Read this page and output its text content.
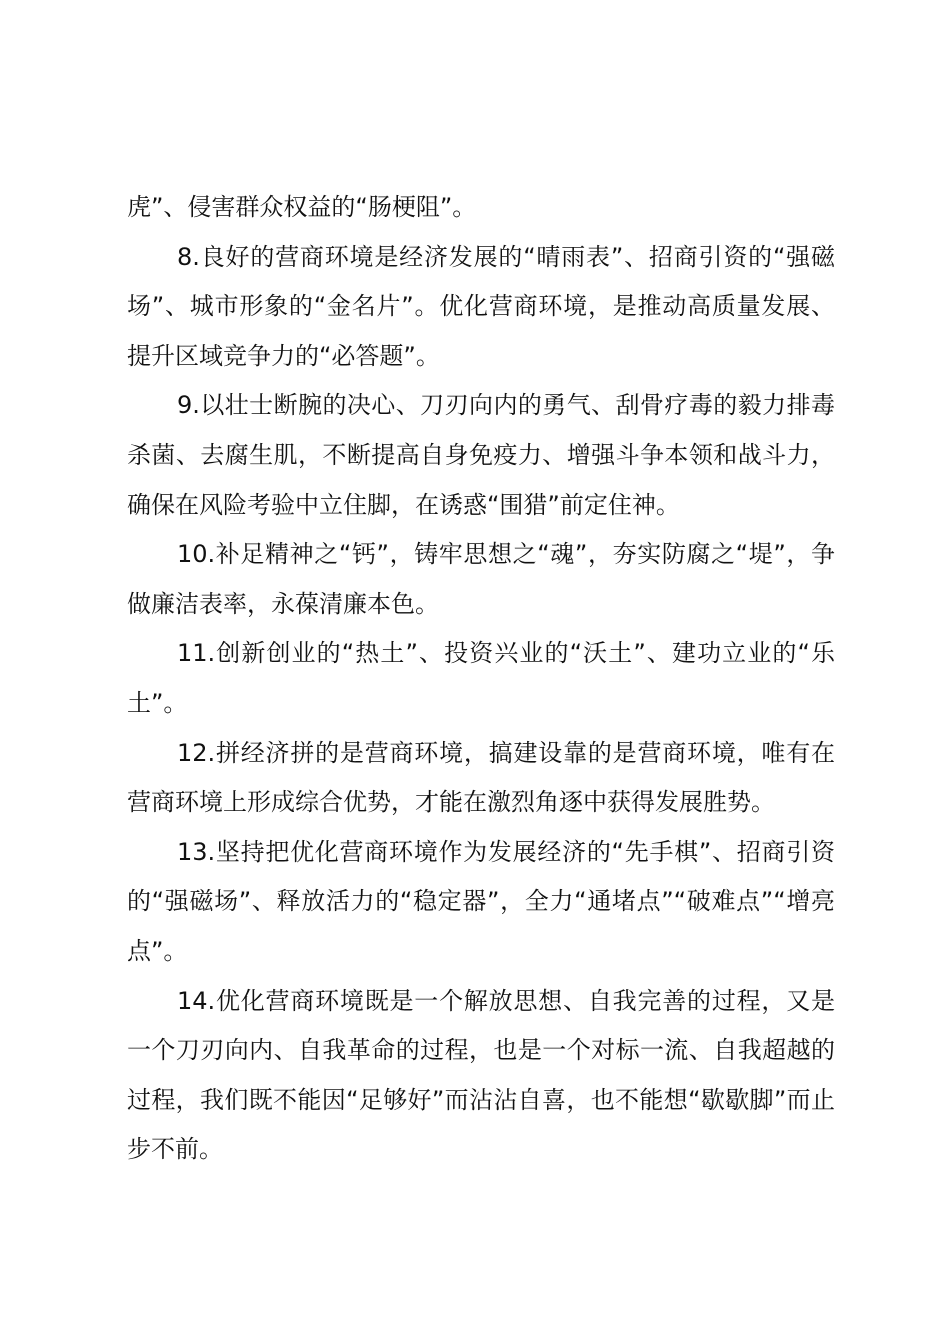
虎”、侵害群众权益的“肠梗阻”。

8.良好的营商环境是经济发展的“晴雨表”、招商引资的“强磁场”、城市形象的“金名片”。优化营商环境，是推动高质量发展、提升区域竞争力的“必答题”。

9.以壮士断腕的决心、刀刃向内的勇气、刮骨疗毒的毅力排毒杀菌、去腐生肌，不断提高自身免疫力、增强斗争本领和战斗力，确保在风险考验中立住脚，在诱惑“围猎”前定住神。

10.补足精神之“钙”，铸牢思想之“魂”，夯实防腐之“堤”，争做廉洁表率，永葆清廉本色。

11.创新创业的“热土”、投资兴业的“沃土”、建功立业的“乐土”。

12.拼经济拼的是营商环境，搞建设靠的是营商环境，唯有在营商环境上形成综合优势，才能在激烈角逐中获得发展胜势。

13.坚持把优化营商环境作为发展经济的“先手棋”、招商引资的“强磁场”、释放活力的“稳定器”，全力“通堵点”“破难点”“增亮点”。

14.优化营商环境既是一个解放思想、自我完善的过程，又是一个刀刃向内、自我革命的过程，也是一个对标一流、自我超越的过程，我们既不能因“足够好”而沾沾自喜，也不能想“歇歇脚”而止步不前。
